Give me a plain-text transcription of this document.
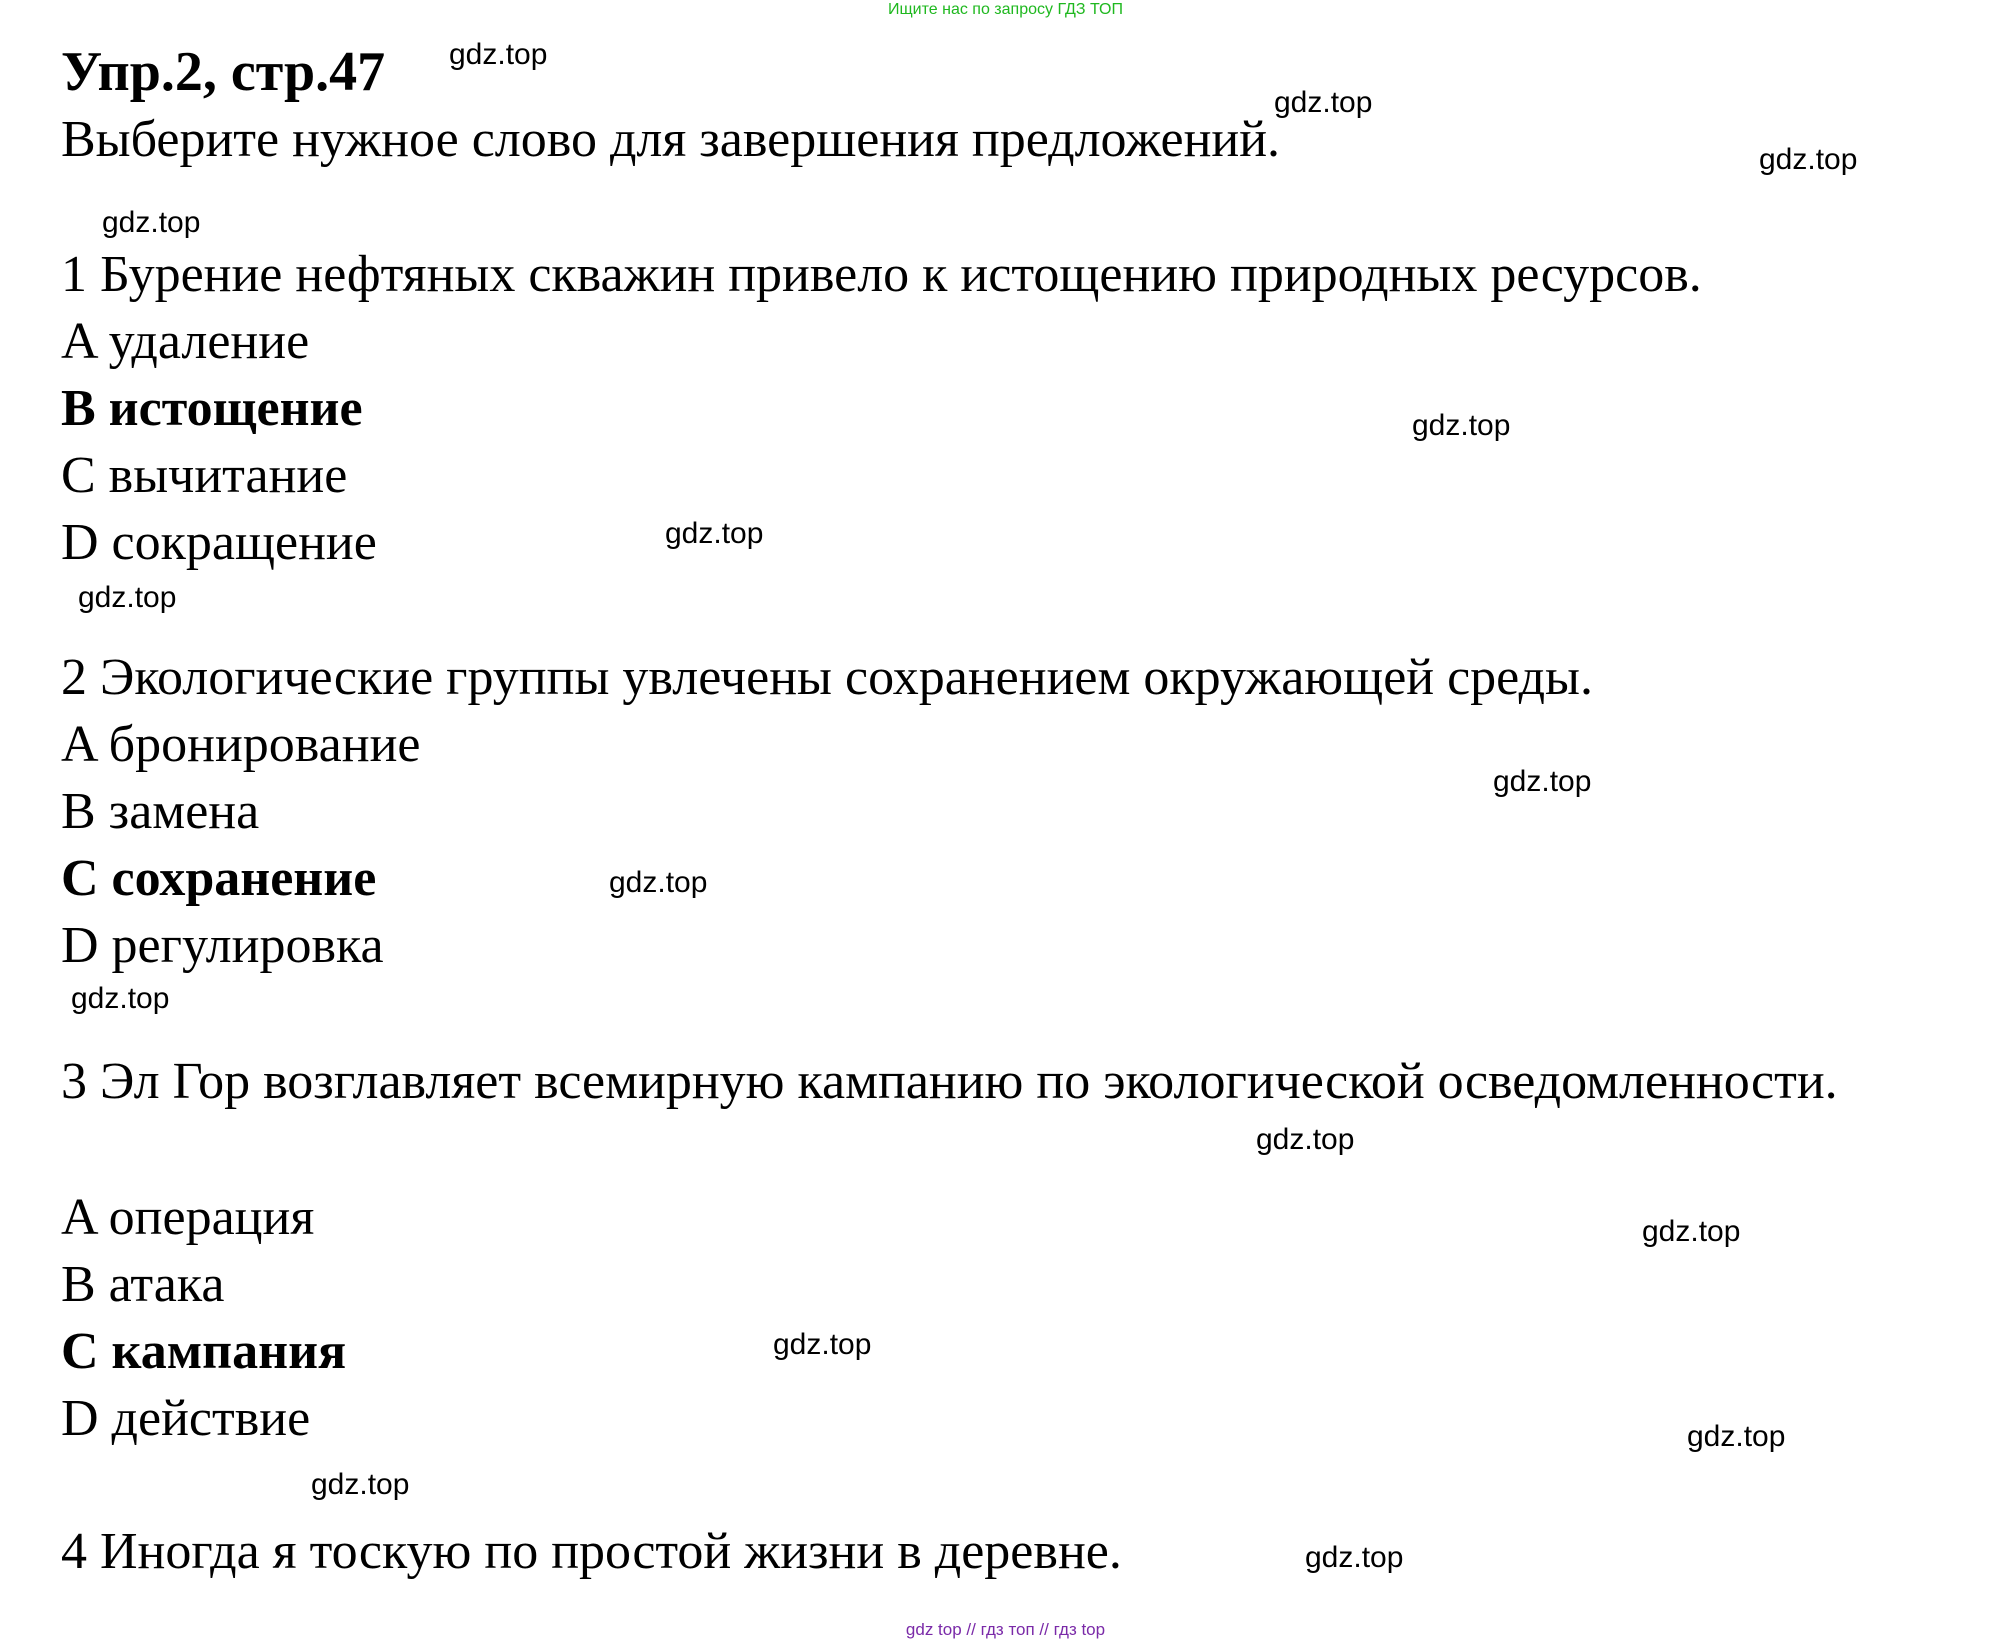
Ищите нас по запросу ГДЗ ТОП
Упр.2, стр.47
Выберите нужное слово для завершения предложений.
1 Бурение нефтяных скважин привело к истощению природных ресурсов.
A удаление
B истощение
C вычитание
D сокращение
2 Экологические группы увлечены сохранением окружающей среды.
A бронирование
B замена
C сохранение
D регулировка
3 Эл Гор возглавляет всемирную кампанию по экологической осведомленности.
A операция
B атака
C кампания
D действие
4 Иногда я тоскую по простой жизни в деревне.
gdz.top
gdz.top
gdz.top
gdz.top
gdz.top
gdz.top
gdz.top
gdz.top
gdz.top
gdz.top
gdz.top
gdz.top
gdz.top
gdz.top
gdz.top
gdz.top
gdz top // гдз топ // гдз top
